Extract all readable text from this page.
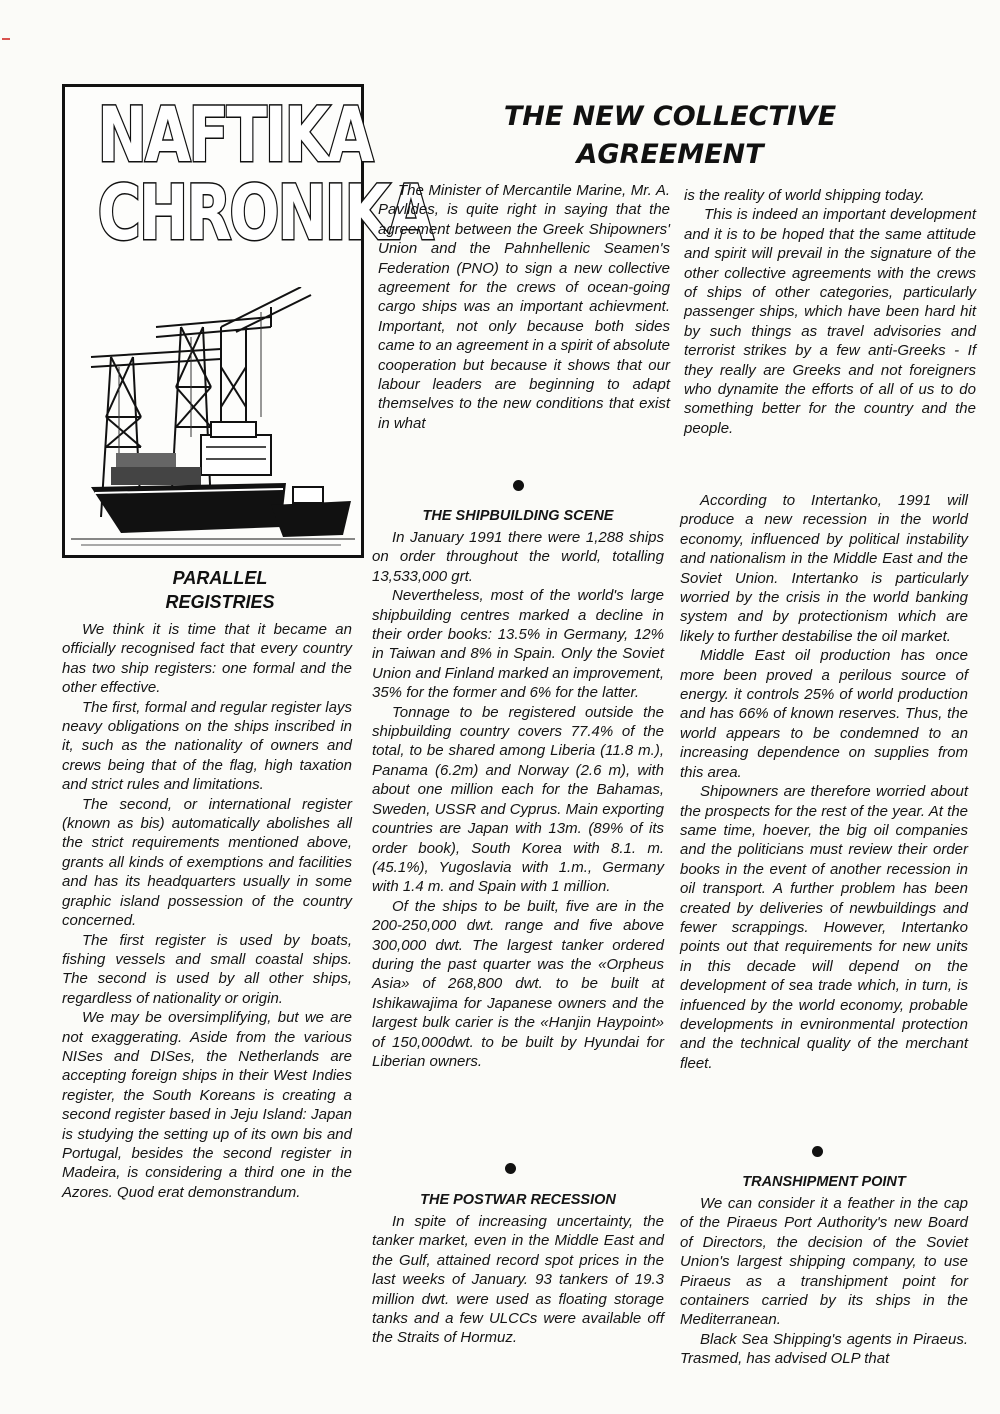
NAFTIKA
CHRONIKA
THE NEW COLLECTIVE
AGREEMENT

The Minister of Mercantile Marine, Mr. A. Pavlides, is quite right in saying that the agreement between the Greek Shipowners' Union and the Pahnhellenic Seamen's Federation (PNO) to sign a new collective agreement for the crews of ocean-going cargo ships was an important achievment. Important, not only because both sides came to an agreement in a spirit of absolute cooperation but because it shows that our labour leaders are beginning to adapt themselves to the new conditions that exist in what

is the reality of world shipping today.

This is indeed an important development and it is to be hoped that the same attitude and spirit will prevail in the signature of the other collective agreements with the crews of ships of other categories, particularly passenger ships, which have been hard hit by such things as travel advisories and terrorist strikes by a few anti-Greeks - If they really are Greeks and not foreigners who dynamite the efforts of all of us to do something better for the country and the people.

PARALLEL
REGISTRIES

We think it is time that it became an officially recognised fact that every country has two ship registers: one formal and the other effective.

The first, formal and regular register lays neavy obligations on the ships inscribed in it, such as the nationality of owners and crews being that of the flag, high taxation and strict rules and limitations.

The second, or international register (known as bis) automatically abolishes all the strict requirements mentioned above, grants all kinds of exemptions and facilities and has its headquarters usually in some graphic island possession of the country concerned.

The first register is used by boats, fishing vessels and small coastal ships. The second is used by all other ships, regardless of nationality or origin.

We may be oversimplifying, but we are not exaggerating. Aside from the various NISes and DISes, the Netherlands are accepting foreign ships in their West Indies register, the South Koreans is creating a second register based in Jeju Island: Japan is studying the setting up of its own bis and Portugal, besides the second register in Madeira, is considering a third one in the Azores. Quod erat demonstrandum.

THE SHIPBUILDING SCENE

In January 1991 there were 1,288 ships on order throughout the world, totalling 13,533,000 grt.

Nevertheless, most of the world's large shipbuilding centres marked a decline in their order books: 13.5% in Germany, 12% in Taiwan and 8% in Spain. Only the Soviet Union and Finland marked an improvement, 35% for the former and 6% for the latter.

Tonnage to be registered outside the shipbuilding country covers 77.4% of the total, to be shared among Liberia (11.8 m.), Panama (6.2m) and Norway (2.6 m), with about one million each for the Bahamas, Sweden, USSR and Cyprus. Main exporting countries are Japan with 13m. (89% of its order book), South Korea with 8.1. m. (45.1%), Yugoslavia with 1.m., Germany with 1.4 m. and Spain with 1 million.

Of the ships to be built, five are in the 200-250,000 dwt. range and five above 300,000 dwt. The largest tanker ordered during the past quarter was the «Orpheus Asia» of 268,800 dwt. to be built at Ishikawajima for Japanese owners and the largest bulk carier is the «Hanjin Haypoint» of 150,000dwt. to be built by Hyundai for Liberian owners.

THE POSTWAR RECESSION

In spite of increasing uncertainty, the tanker market, even in the Middle East and the Gulf, attained record spot prices in the last weeks of January. 93 tankers of 19.3 million dwt. were used as floating storage tanks and a few ULCCs were available off the Straits of Hormuz.

According to Intertanko, 1991 will produce a new recession in the world economy, influenced by political instability and nationalism in the Middle East and the Soviet Union. Intertanko is particularly worried by the crisis in the world banking system and by protectionism which are likely to further destabilise the oil market.

Middle East oil production has once more been proved a perilous source of energy. it controls 25% of world production and has 66% of known reserves. Thus, the world appears to be condemned to an increasing dependence on supplies from this area.

Shipowners are therefore worried about the prospects for the rest of the year. At the same time, hoever, the big oil companies and the politicians must review their order books in the event of another recession in oil transport. A further problem has been created by deliveries of newbuildings and fewer scrappings. However, Intertanko points out that requirements for new units in this decade will depend on the development of sea trade which, in turn, is infuenced by the world economy, probable developments in evnironmental protection and the technical quality of the merchant fleet.

TRANSHIPMENT POINT

We can consider it a feather in the cap of the Piraeus Port Authority's new Board of Directors, the decision of the Soviet Union's largest shipping company, to use Piraeus as a transhipment point for containers carried by its ships in the Mediterranean.

Black Sea Shipping's agents in Piraeus. Trasmed, has advised OLP that
